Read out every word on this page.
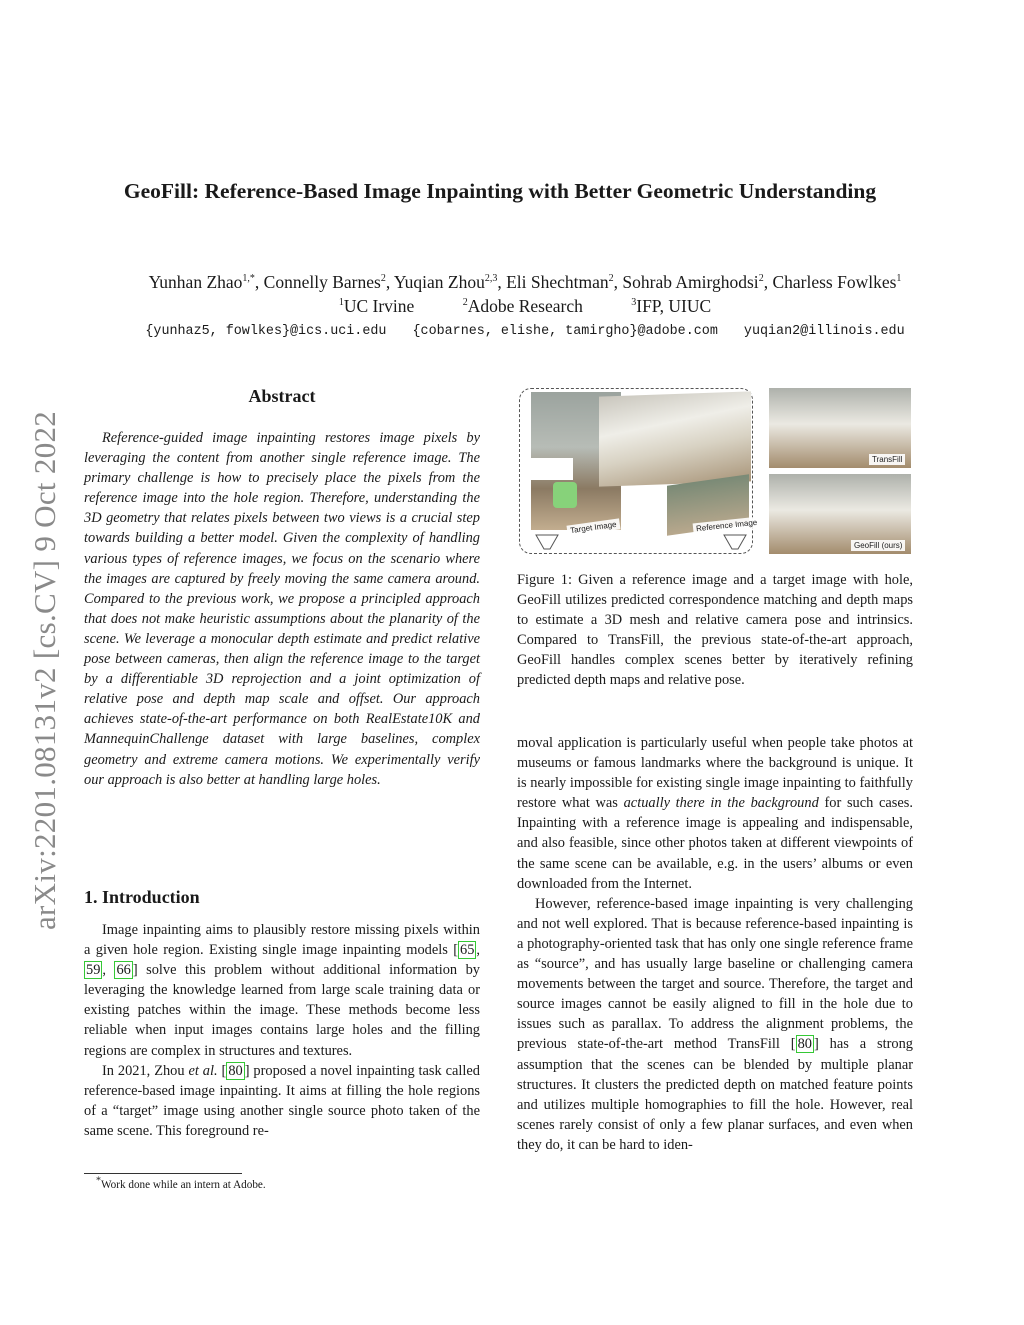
arXiv:2201.08131v2 [cs.CV] 9 Oct 2022
GeoFill: Reference-Based Image Inpainting with Better Geometric Understanding
Yunhan Zhao$^{1,*}$, Connelly Barnes$^2$, Yuqian Zhou$^{2,3}$, Eli Shechtman$^2$, Sohrab Amirghodsi$^2$, Charless Fowlkes$^1$
$^1$UC Irvine	$^2$Adobe Research	$^3$IFP, UIUC
{yunhaz5, fowlkes}@ics.uci.edu {cobarnes, elishe, tamirgho}@adobe.com yuqian2@illinois.edu
Abstract
Reference-guided image inpainting restores image pixels by leveraging the content from another single reference image. The primary challenge is how to precisely place the pixels from the reference image into the hole region. Therefore, understanding the 3D geometry that relates pixels between two views is a crucial step towards building a better model. Given the complexity of handling various types of reference images, we focus on the scenario where the images are captured by freely moving the same camera around. Compared to the previous work, we propose a principled approach that does not make heuristic assumptions about the planarity of the scene. We leverage a monocular depth estimate and predict relative pose between cameras, then align the reference image to the target by a differentiable 3D reprojection and a joint optimization of relative pose and depth map scale and offset. Our approach achieves state-of-the-art performance on both RealEstate10K and MannequinChallenge dataset with large baselines, complex geometry and extreme camera motions. We experimentally verify our approach is also better at handling large holes.
1. Introduction

Image inpainting aims to plausibly restore missing pixels within a given hole region. Existing single image inpainting models [ 65 , 59 , 66 ] solve this problem without additional information by leveraging the knowledge learned from large scale training data or existing patches within the image. These methods become less reliable when input images contains large holes and the filling regions are complex in structures and textures.

In 2021, Zhou et al. [ 80 ] proposed a novel inpainting task called reference-based image inpainting. It aims at filling the hole regions of a “target” image using another single source photo taken of the same scene. This foreground re-

*Work done while an intern at Adobe.
Target Image	Reference Image
TransFill
GeoFill (ours)
Figure 1: Given a reference image and a target image with hole, GeoFill utilizes predicted correspondence matching and depth maps to estimate a 3D mesh and relative camera pose and intrinsics. Compared to TransFill, the previous state-of-the-art approach, GeoFill handles complex scenes better by iteratively refining predicted depth maps and relative pose.

moval application is particularly useful when people take photos at museums or famous landmarks where the background is unique. It is nearly impossible for existing single image inpainting to faithfully restore what was actually there in the background for such cases. Inpainting with a reference image is appealing and indispensable, and also feasible, since other photos taken at different viewpoints of the same scene can be available, e.g. in the users’ albums or even downloaded from the Internet.

However, reference-based image inpainting is very challenging and not well explored. That is because reference-based inpainting is a photography-oriented task that has only one single reference frame as “source”, and has usually large baseline or challenging camera movements between the target and source. Therefore, the target and source images cannot be easily aligned to fill in the hole due to issues such as parallax. To address the alignment problems, the previous state-of-the-art method TransFill [ 80 ] has a strong assumption that the scenes can be blended by multiple planar structures. It clusters the predicted depth on matched feature points and utilizes multiple homographies to fill the hole. However, real scenes rarely consist of only a few planar surfaces, and even when they do, it can be hard to iden-
